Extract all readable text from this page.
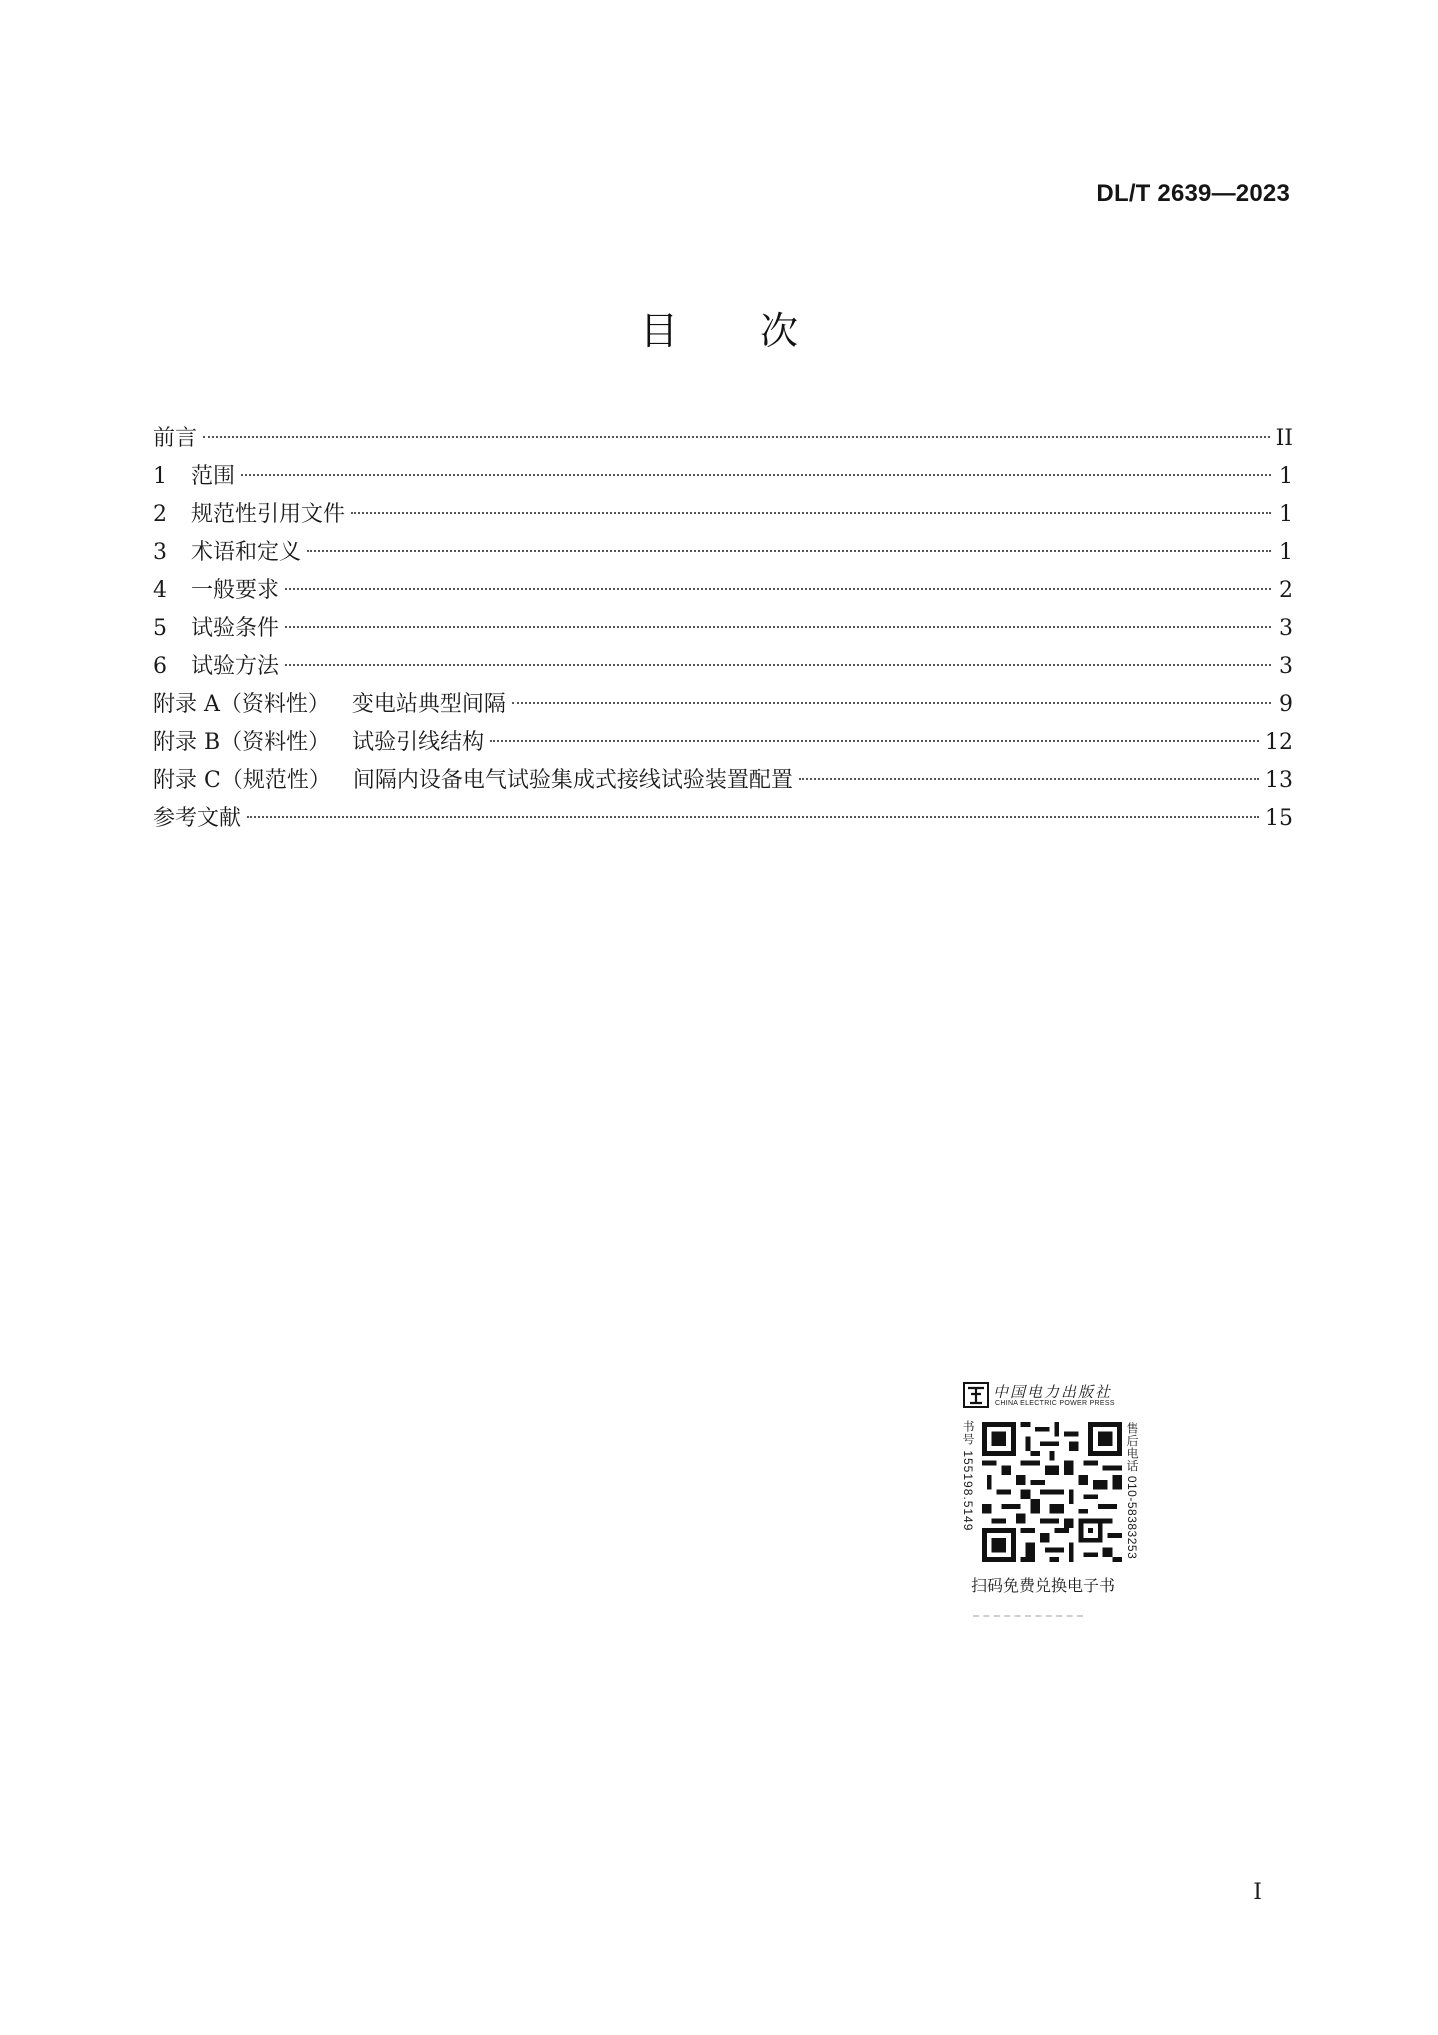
DL/T 2639—2023
目次
前言	II
1	范围	1
2	规范性引用文件	1
3	术语和定义	1
4	一般要求	2
5	试验条件	3
6	试验方法	3
附录 A（资料性） 变电站典型间隔	9
附录 B（资料性） 试验引线结构	12
附录 C（规范性） 间隔内设备电气试验集成式接线试验装置配置	13
参考文献	15
中国电力出版社
CHINA ELECTRIC POWER PRESS
书号 155198.5149	售后电话 010-58383253
扫码免费兑换电子书
I
